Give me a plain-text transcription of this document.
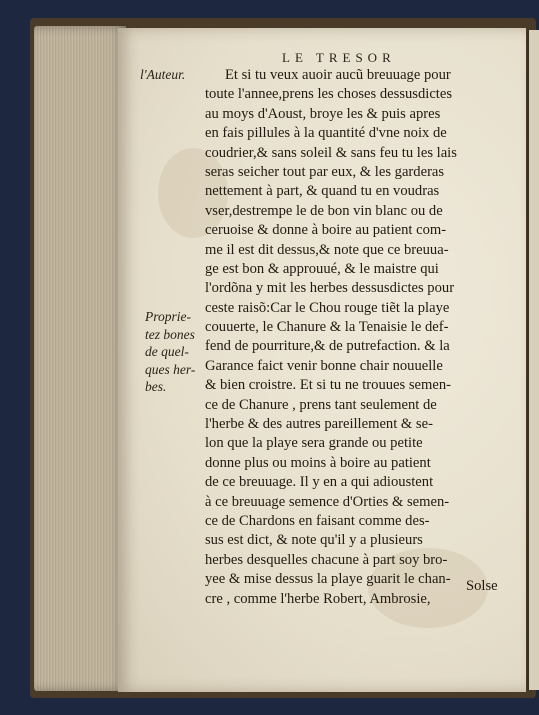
LE TRESOR
l'Auteur.
Proprie-
tez bones
de quel-
ques her-
bes.
Et si tu veux auoir aucũ breuuage pour
toute l'annee,prens les choses dessusdictes
au moys d'Aoust, broye les & puis apres
en fais pillules à la quantité d'vne noix de
coudrier,& sans soleil & sans feu tu les lais
seras seicher tout par eux, & les garderas
nettement à part, & quand tu en voudras
vser,destrempe le de bon vin blanc ou de
ceruoise & donne à boire au patient com-
me il est dit dessus,& note que ce breuua-
ge est bon & approuué, & le maistre qui
l'ordõna y mit les herbes dessusdictes pour
ceste raisõ:Car le Chou rouge tiẽt la playe
couuerte, le Chanure & la Tenaisie le def-
fend de pourriture,& de putrefaction. & la
Garance faict venir bonne chair nouuelle
& bien croistre. Et si tu ne trouues semen-
ce de Chanure , prens tant seulement de
l'herbe & des autres pareillement & se-
lon que la playe sera grande ou petite
donne plus ou moins à boire au patient
de ce breuuage. Il y en a qui adioustent
à ce breuuage semence d'Orties & semen-
ce de Chardons en faisant comme des-
sus est dict, & note qu'il y a plusieurs
herbes desquelles chacune à part soy bro-
yee & mise dessus la playe guarit le chan-
cre , comme l'herbe Robert, Ambrosie,
Solse
